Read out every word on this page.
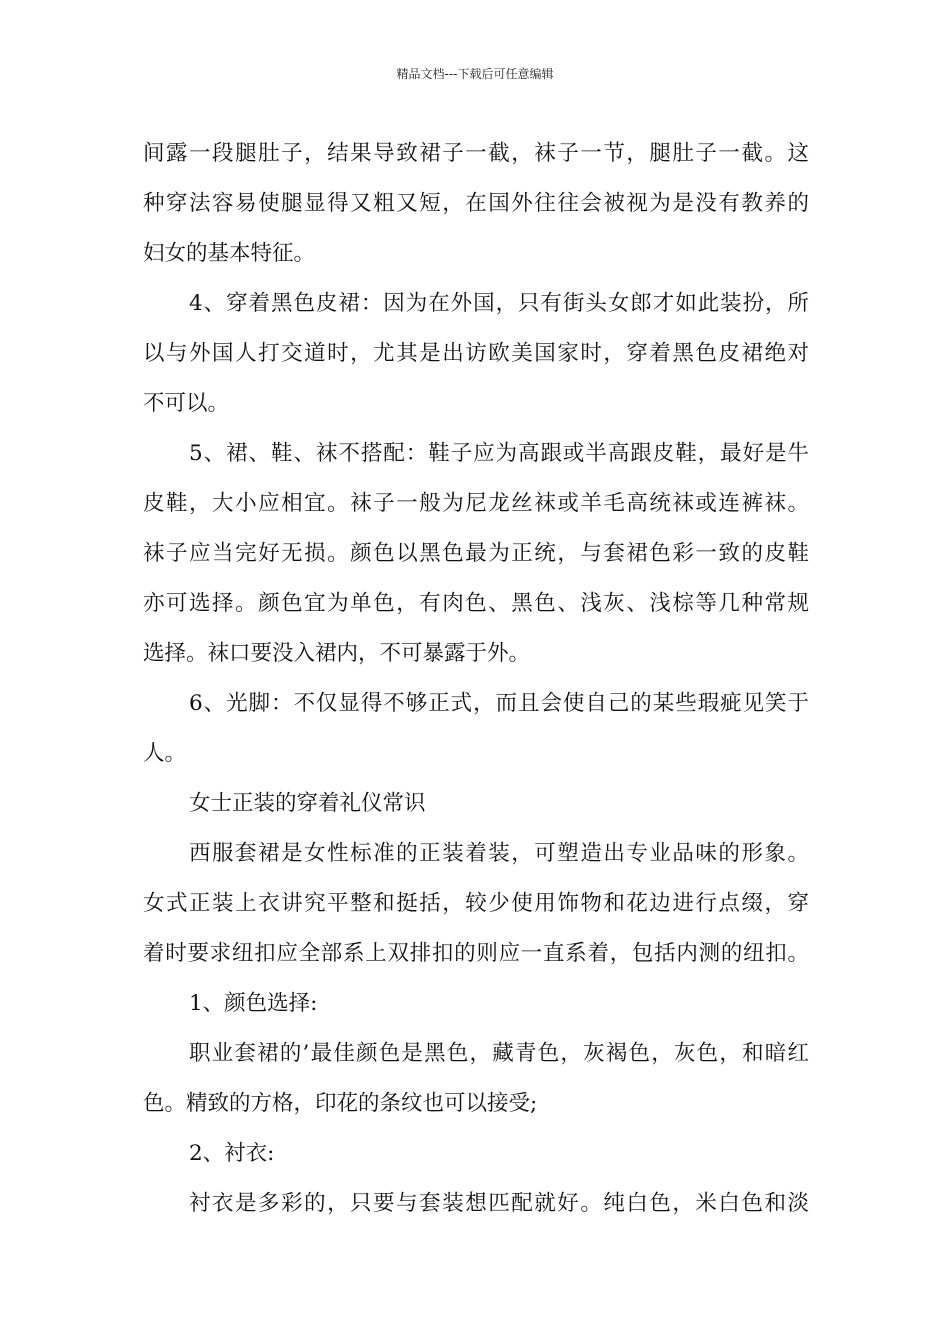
精品文档---下载后可任意编辑
间露一段腿肚子，结果导致裙子一截，袜子一节，腿肚子一截。这
种穿法容易使腿显得又粗又短，在国外往往会被视为是没有教养的
妇女的基本特征。
4、穿着黑色皮裙：因为在外国，只有街头女郎才如此装扮，所
以与外国人打交道时，尤其是出访欧美国家时，穿着黑色皮裙绝对
不可以。
5、裙、鞋、袜不搭配：鞋子应为高跟或半高跟皮鞋，最好是牛
皮鞋，大小应相宜。袜子一般为尼龙丝袜或羊毛高统袜或连裤袜。
袜子应当完好无损。颜色以黑色最为正统，与套裙色彩一致的皮鞋
亦可选择。颜色宜为单色，有肉色、黑色、浅灰、浅棕等几种常规
选择。袜口要没入裙内，不可暴露于外。
6、光脚：不仅显得不够正式，而且会使自己的某些瑕疵见笑于
人。
女士正装的穿着礼仪常识
西服套裙是女性标准的正装着装，可塑造出专业品味的形象。
女式正装上衣讲究平整和挺括，较少使用饰物和花边进行点缀，穿
着时要求纽扣应全部系上双排扣的则应一直系着，包括内测的纽扣。
1、颜色选择:
职业套裙的’最佳颜色是黑色，藏青色，灰褐色，灰色，和暗红
色。精致的方格，印花的条纹也可以接受;
2、衬衣:
衬衣是多彩的，只要与套装想匹配就好。纯白色，米白色和淡
